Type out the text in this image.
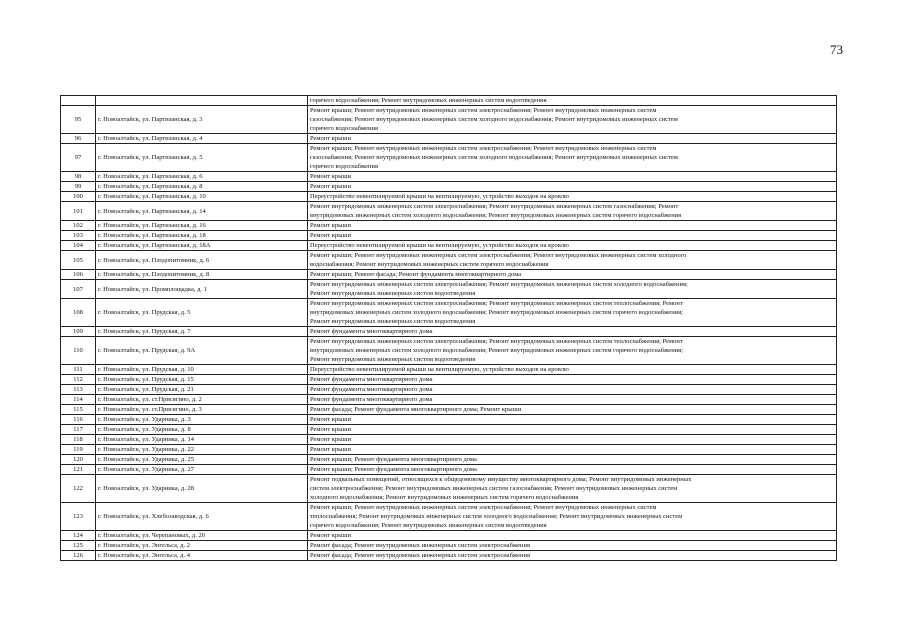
73

		горячего водоснабжения; Ремонт внутридомовых инженерных систем водоотведения

95	г. Новоалтайск, ул. Партизанская, д. 3	Ремонт крыши; Ремонт внутридомовых инженерных систем электроснабжения; Ремонт внутридомовых инженерных систем
газоснабжения; Ремонт внутридомовых инженерных систем холодного водоснабжения; Ремонт внутридомовых инженерных систем
горячего водоснабжения

96	г. Новоалтайск, ул. Партизанская, д. 4	Ремонт крыши

97	г. Новоалтайск, ул. Партизанская, д. 5	Ремонт крыши; Ремонт внутридомовых инженерных систем электроснабжения; Ремонт внутридомовых инженерных систем
газоснабжения; Ремонт внутридомовых инженерных систем холодного водоснабжения; Ремонт внутридомовых инженерных систем
горячего водоснабжения

98	г. Новоалтайск, ул. Партизанская, д. 6	Ремонт крыши

99	г. Новоалтайск, ул. Партизанская, д. 8	Ремонт крыши

100	г. Новоалтайск, ул. Партизанская, д. 10	Переустройство невентилируемой крыши на вентилируемую, устройство выходов на кровлю

101	г. Новоалтайск, ул. Партизанская, д. 14	Ремонт внутридомовых инженерных систем электроснабжения; Ремонт внутридомовых инженерных систем газоснабжения; Ремонт
внутридомовых инженерных систем холодного водоснабжения; Ремонт внутридомовых инженерных систем горячего водоснабжения

102	г. Новоалтайск, ул. Партизанская, д. 16	Ремонт крыши

103	г. Новоалтайск, ул. Партизанская, д. 18	Ремонт крыши

104	г. Новоалтайск, ул. Партизанская, д. 18А	Переустройство невентилируемой крыши на вентилируемую, устройство выходов на кровлю

105	г. Новоалтайск, ул. Плодопитомник, д. 6	Ремонт крыши; Ремонт внутридомовых инженерных систем электроснабжения; Ремонт внутридомовых инженерных систем холодного
водоснабжения; Ремонт внутридомовых инженерных систем горячего водоснабжения

106	г. Новоалтайск, ул. Плодопитомник, д. 8	Ремонт крыши; Ремонт фасада; Ремонт фундамента многоквартирного дома

107	г. Новоалтайск, ул. Промплощадка, д. 1	Ремонт внутридомовых инженерных систем электроснабжения; Ремонт внутридомовых инженерных систем холодного водоснабжения;
Ремонт внутридомовых инженерных систем водоотведения

108	г. Новоалтайск, ул. Прудская, д. 5	Ремонт внутридомовых инженерных систем электроснабжения; Ремонт внутридомовых инженерных систем теплоснабжения; Ремонт
внутридомовых инженерных систем холодного водоснабжения; Ремонт внутридомовых инженерных систем горячего водоснабжения;
Ремонт внутридомовых инженерных систем водоотведения

109	г. Новоалтайск, ул. Прудская, д. 7	Ремонт фундамента многоквартирного дома

110	г. Новоалтайск, ул. Прудская, д. 9А	Ремонт внутридомовых инженерных систем электроснабжения; Ремонт внутридомовых инженерных систем теплоснабжения; Ремонт
внутридомовых инженерных систем холодного водоснабжения; Ремонт внутридомовых инженерных систем горячего водоснабжения;
Ремонт внутридомовых инженерных систем водоотведения

111	г. Новоалтайск, ул. Прудская, д. 10	Переустройство невентилируемой крыши на вентилируемую, устройство выходов на кровлю

112	г. Новоалтайск, ул. Прудская, д. 15	Ремонт фундамента многоквартирного дома

113	г. Новоалтайск, ул. Прудская, д. 21	Ремонт фундамента многоквартирного дома

114	г. Новоалтайск, ул. ст.Присягино, д. 2	Ремонт фундамента многоквартирного дома

115	г. Новоалтайск, ул. ст.Присягино, д. 3	Ремонт фасада; Ремонт фундамента многоквартирного дома; Ремонт крыши

116	г. Новоалтайск, ул. Ударника, д. 3	Ремонт крыши

117	г. Новоалтайск, ул. Ударника, д. 8	Ремонт крыши

118	г. Новоалтайск, ул. Ударника, д. 14	Ремонт крыши

119	г. Новоалтайск, ул. Ударника, д. 22	Ремонт крыши

120	г. Новоалтайск, ул. Ударника, д. 25	Ремонт крыши; Ремонт фундамента многоквартирного дома

121	г. Новоалтайск, ул. Ударника, д. 27	Ремонт крыши; Ремонт фундамента многоквартирного дома

122	г. Новоалтайск, ул. Ударника, д. 28	Ремонт подвальных помещений, относящихся к общедомовому имуществу многоквартирного дома; Ремонт внутридомовых инженерных
систем электроснабжения; Ремонт внутридомовых инженерных систем газоснабжения; Ремонт внутридомовых инженерных систем
холодного водоснабжения; Ремонт внутридомовых инженерных систем горячего водоснабжения

123	г. Новоалтайск, ул. Хлебозаводская, д. 6	Ремонт крыши; Ремонт внутридомовых инженерных систем электроснабжения; Ремонт внутридомовых инженерных систем
теплоснабжения; Ремонт внутридомовых инженерных систем холодного водоснабжения; Ремонт внутридомовых инженерных систем
горячего водоснабжения; Ремонт внутридомовых инженерных систем водоотведения

124	г. Новоалтайск, ул. Черепановых, д. 20	Ремонт крыши

125	г. Новоалтайск, ул. Энгельса, д. 2	Ремонт фасада; Ремонт внутридомовых инженерных систем электроснабжения

126	г. Новоалтайск, ул. Энгельса, д. 4	Ремонт фасада; Ремонт внутридомовых инженерных систем электроснабжения
